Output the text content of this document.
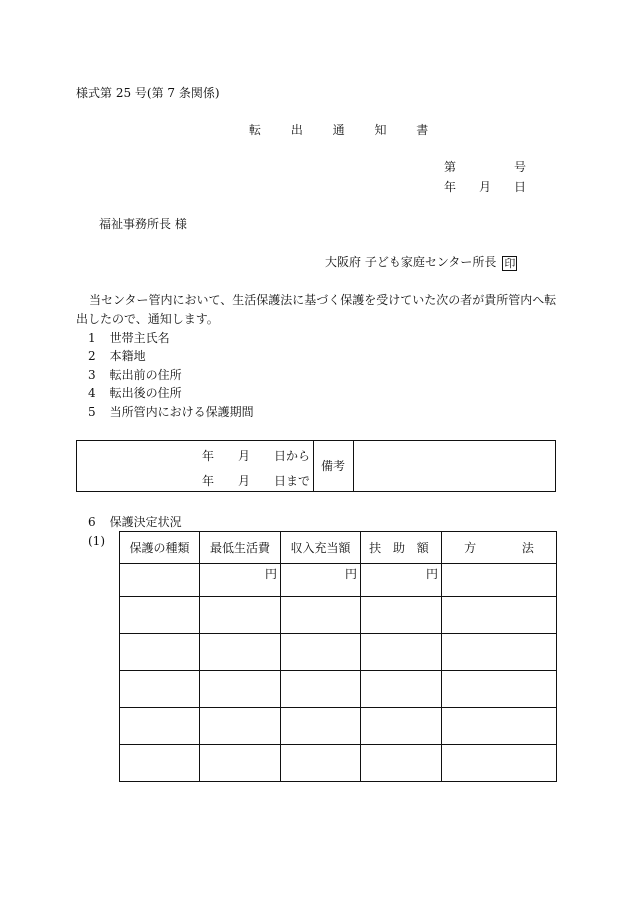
様式第 25 号(第 7 条関係)
転 出 通 知 書
第	号
年 月 日
福祉事務所長 様
大阪府 子ども家庭センター所長 印
当センター管内において、生活保護法に基づく保護を受けていた次の者が貴所管内へ転
出したので、通知します。
1 世帯主氏名
2 本籍地
3 転出前の住所
4 転出後の住所
5 当所管内における保護期間
年 月 日から
年 月 日まで
備考
6 保護決定状況
(1) 保護の種類	最低生活費	収入充当額	扶 助 額	方 法

	円	円	円	
